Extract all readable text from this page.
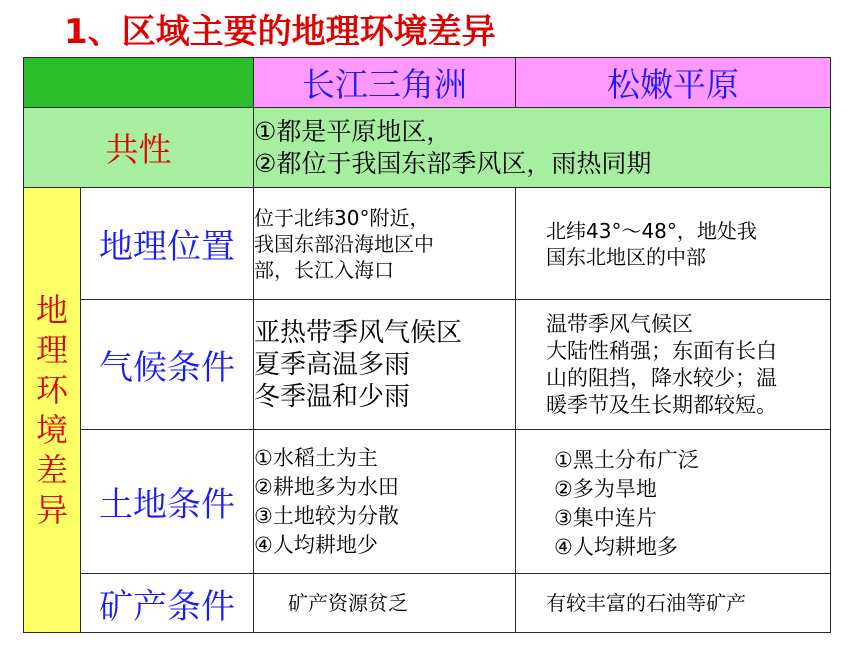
1、区域主要的地理环境差异
		长江三角洲	松嫩平原
共性		①都是平原地区，
②都位于我国东部季风区，雨热同期	

地理环境差异	地理位置	位于北纬30°附近，
我国东部沿海地区中
部，长江入海口	北纬43°～48°，地处我
国东北地区的中部

	气候条件	亚热带季风气候区
夏季高温多雨
冬季温和少雨	温带季风气候区
大陆性稍强；东面有长白
山的阻挡，降水较少；温
暖季节及生长期都较短。

	土地条件	①水稻土为主
②耕地多为水田
③土地较为分散
④人均耕地少	①黑土分布广泛
②多为旱地
③集中连片
④人均耕地多

	矿产条件	矿产资源贫乏	有较丰富的石油等矿产
